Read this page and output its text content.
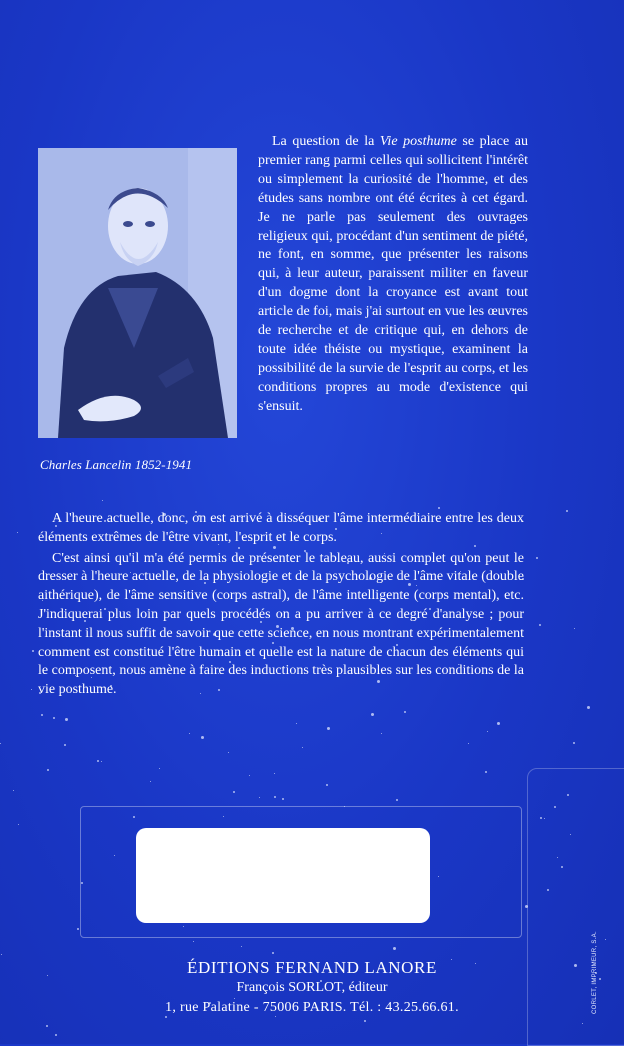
Charles Lancelin 1852-1941

La question de la Vie posthume se place au premier rang parmi celles qui sollicitent l'intérêt ou simplement la curiosité de l'homme, et des études sans nombre ont été écrites à cet égard. Je ne parle pas seulement des ouvrages religieux qui, procédant d'un sentiment de piété, ne font, en somme, que présenter les raisons qui, à leur auteur, paraissent militer en faveur d'un dogme dont la croyance est avant tout article de foi, mais j'ai surtout en vue les œuvres de recherche et de critique qui, en dehors de toute idée théiste ou mystique, examinent la possibilité de la survie de l'esprit au corps, et les conditions propres au mode d'existence qui s'ensuit.

A l'heure actuelle, donc, on est arrivé à disséquer l'âme intermédiaire entre les deux éléments extrêmes de l'être vivant, l'esprit et le corps.

C'est ainsi qu'il m'a été permis de présenter le tableau, aussi complet qu'on peut le dresser à l'heure actuelle, de la physiologie et de la psychologie de l'âme vitale (double aithérique), de l'âme sensitive (corps astral), de l'âme intelligente (corps mental), etc. J'indiquerai plus loin par quels procédés on a pu arriver à ce degré d'analyse ; pour l'instant il nous suffit de savoir que cette science, en nous montrant expérimentalement comment est constitué l'être humain et quelle est la nature de chacun des éléments qui le composent, nous amène à faire des inductions très plausibles sur les conditions de la vie posthume.

ÉDITIONS FERNAND LANORE
François SORLOT, éditeur
1, rue Palatine - 75006 PARIS. Tél. : 43.25.66.61.
